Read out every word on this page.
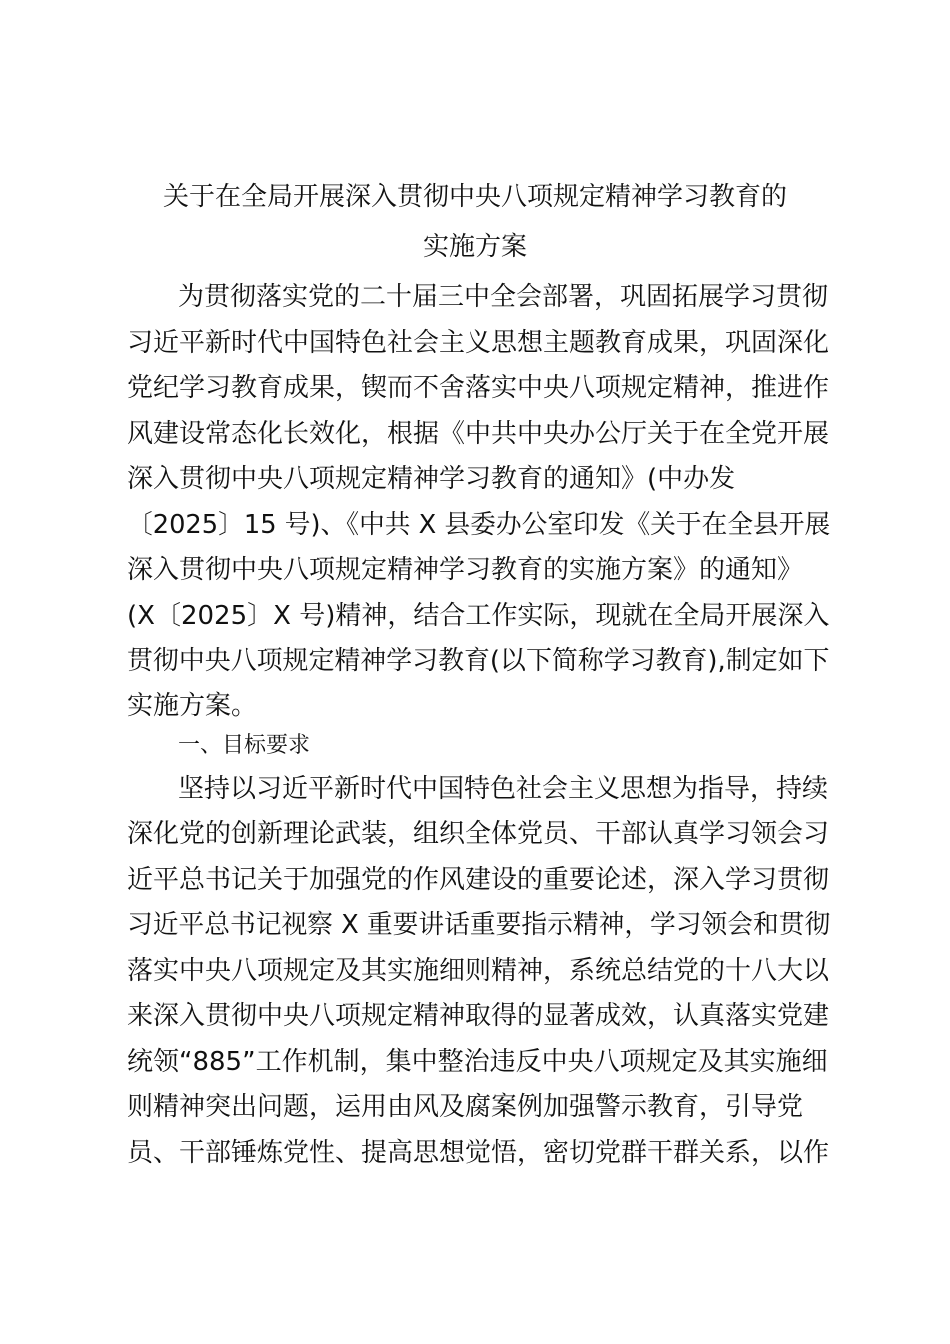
关于在全局开展深入贯彻中央八项规定精神学习教育的
实施方案
为贯彻落实党的二十届三中全会部署，巩固拓展学习贯彻
习近平新时代中国特色社会主义思想主题教育成果，巩固深化
党纪学习教育成果，锲而不舍落实中央八项规定精神，推进作
风建设常态化长效化，根据《中共中央办公厅关于在全党开展
深入贯彻中央八项规定精神学习教育的通知》(中办发
〔2025〕15 号)、《中共 X 县委办公室印发《关于在全县开展
深入贯彻中央八项规定精神学习教育的实施方案》的通知》
(X〔2025〕X 号)精神，结合工作实际，现就在全局开展深入
贯彻中央八项规定精神学习教育(以下简称学习教育),制定如下
实施方案。
一、目标要求
坚持以习近平新时代中国特色社会主义思想为指导，持续
深化党的创新理论武装，组织全体党员、干部认真学习领会习
近平总书记关于加强党的作风建设的重要论述，深入学习贯彻
习近平总书记视察 X 重要讲话重要指示精神，学习领会和贯彻
落实中央八项规定及其实施细则精神，系统总结党的十八大以
来深入贯彻中央八项规定精神取得的显著成效，认真落实党建
统领“885”工作机制，集中整治违反中央八项规定及其实施细
则精神突出问题，运用由风及腐案例加强警示教育，引导党
员、干部锤炼党性、提高思想觉悟，密切党群干群关系，以作
